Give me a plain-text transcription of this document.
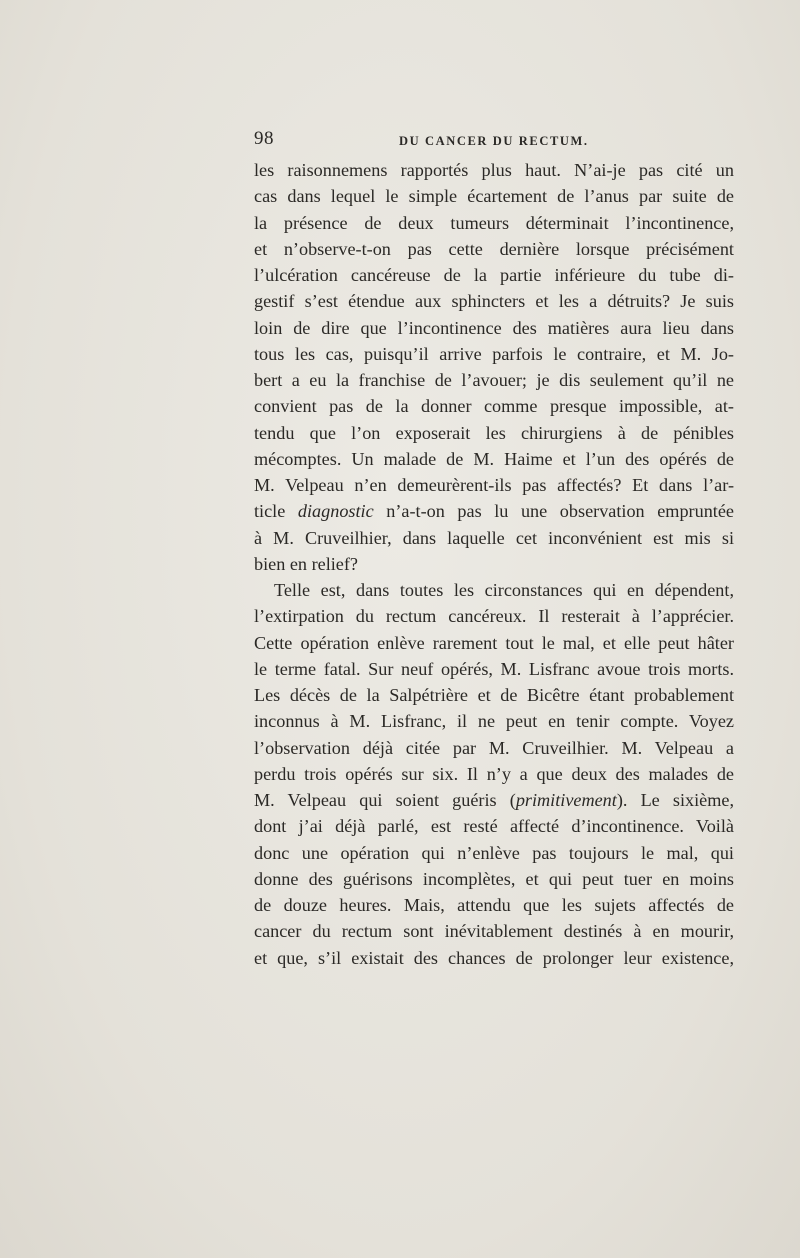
98	DU CANCER DU RECTUM.
les raisonnemens rapportés plus haut. N’ai-je pas cité un
cas dans lequel le simple écartement de l’anus par suite de
la présence de deux tumeurs déterminait l’incontinence,
et n’observe-t-on pas cette dernière lorsque précisément
l’ulcération cancéreuse de la partie inférieure du tube di-
gestif s’est étendue aux sphincters et les a détruits? Je suis
loin de dire que l’incontinence des matières aura lieu dans
tous les cas, puisqu’il arrive parfois le contraire, et M. Jo-
bert a eu la franchise de l’avouer; je dis seulement qu’il ne
convient pas de la donner comme presque impossible, at-
tendu que l’on exposerait les chirurgiens à de pénibles
mécomptes. Un malade de M. Haime et l’un des opérés de
M. Velpeau n’en demeurèrent-ils pas affectés? Et dans l’ar-
ticle diagnostic n’a-t-on pas lu une observation empruntée
à M. Cruveilhier, dans laquelle cet inconvénient est mis si
bien en relief?
Telle est, dans toutes les circonstances qui en dépendent,
l’extirpation du rectum cancéreux. Il resterait à l’apprécier.
Cette opération enlève rarement tout le mal, et elle peut hâter
le terme fatal. Sur neuf opérés, M. Lisfranc avoue trois morts.
Les décès de la Salpétrière et de Bicêtre étant probablement
inconnus à M. Lisfranc, il ne peut en tenir compte. Voyez
l’observation déjà citée par M. Cruveilhier. M. Velpeau a
perdu trois opérés sur six. Il n’y a que deux des malades de
M. Velpeau qui soient guéris (primitivement). Le sixième,
dont j’ai déjà parlé, est resté affecté d’incontinence. Voilà
donc une opération qui n’enlève pas toujours le mal, qui
donne des guérisons incomplètes, et qui peut tuer en moins
de douze heures. Mais, attendu que les sujets affectés de
cancer du rectum sont inévitablement destinés à en mourir,
et que, s’il existait des chances de prolonger leur existence,
